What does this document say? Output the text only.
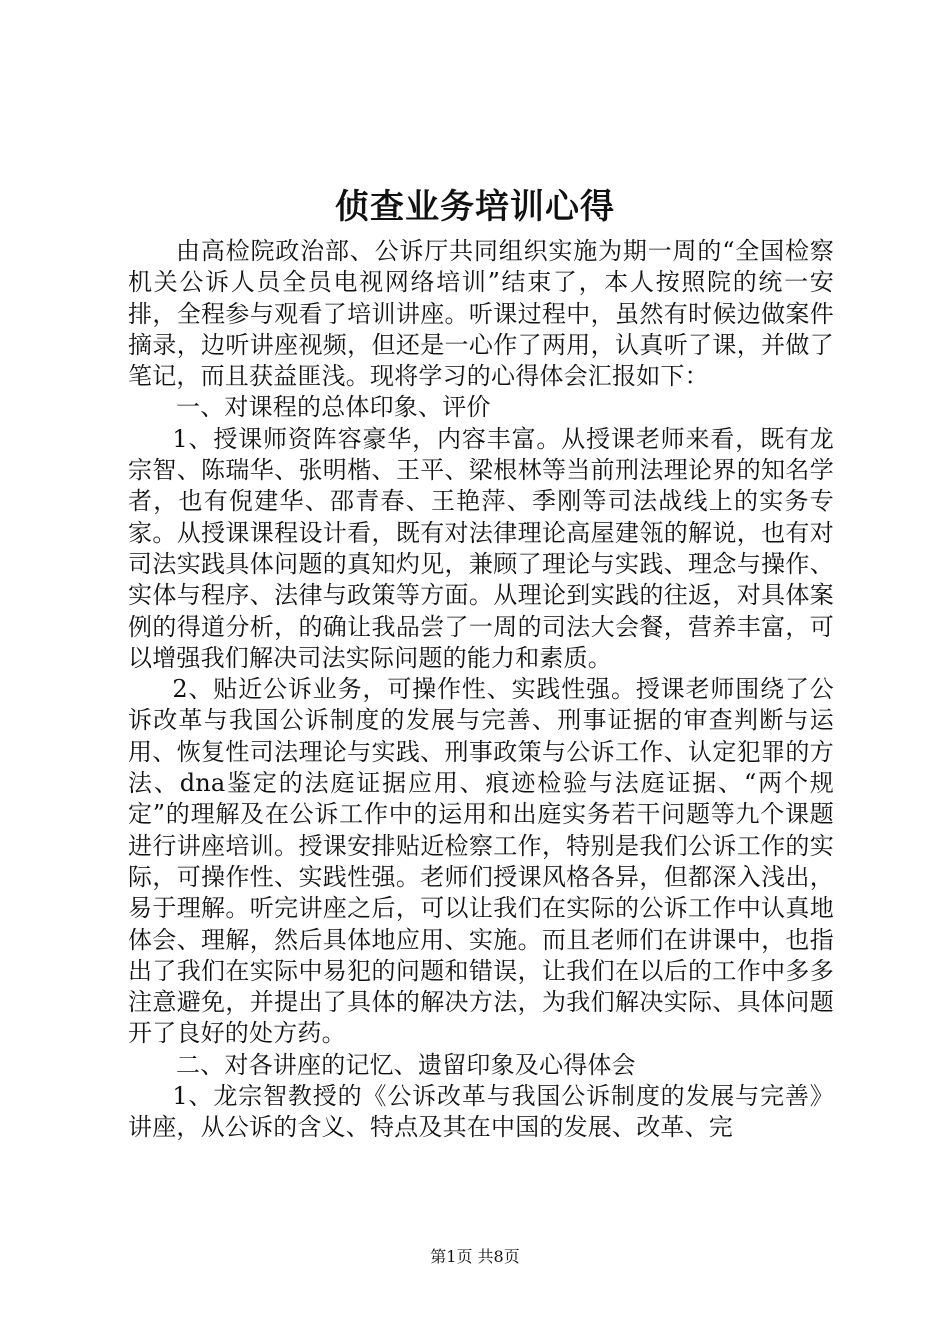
侦查业务培训心得

由高检院政治部、公诉厅共同组织实施为期一周的“全国检察机关公诉人员全员电视网络培训”结束了，本人按照院的统一安排，全程参与观看了培训讲座。听课过程中，虽然有时候边做案件摘录，边听讲座视频，但还是一心作了两用，认真听了课，并做了笔记，而且获益匪浅。现将学习的心得体会汇报如下：

一、对课程的总体印象、评价

1、授课师资阵容豪华，内容丰富。从授课老师来看，既有龙宗智、陈瑞华、张明楷、王平、梁根林等当前刑法理论界的知名学者，也有倪建华、邵青春、王艳萍、季刚等司法战线上的实务专家。从授课课程设计看，既有对法律理论高屋建瓴的解说，也有对司法实践具体问题的真知灼见，兼顾了理论与实践、理念与操作、实体与程序、法律与政策等方面。从理论到实践的往返，对具体案例的得道分析，的确让我品尝了一周的司法大会餐，营养丰富，可以增强我们解决司法实际问题的能力和素质。

2、贴近公诉业务，可操作性、实践性强。授课老师围绕了公诉改革与我国公诉制度的发展与完善、刑事证据的审查判断与运用、恢复性司法理论与实践、刑事政策与公诉工作、认定犯罪的方法、dna鉴定的法庭证据应用、痕迹检验与法庭证据、“两个规定”的理解及在公诉工作中的运用和出庭实务若干问题等九个课题进行讲座培训。授课安排贴近检察工作，特别是我们公诉工作的实际，可操作性、实践性强。老师们授课风格各异，但都深入浅出，易于理解。听完讲座之后，可以让我们在实际的公诉工作中认真地体会、理解，然后具体地应用、实施。而且老师们在讲课中，也指出了我们在实际中易犯的问题和错误，让我们在以后的工作中多多注意避免，并提出了具体的解决方法，为我们解决实际、具体问题开了良好的处方药。

二、对各讲座的记忆、遗留印象及心得体会

1、龙宗智教授的《公诉改革与我国公诉制度的发展与完善》讲座，从公诉的含义、特点及其在中国的发展、改革、完

第1页 共8页
